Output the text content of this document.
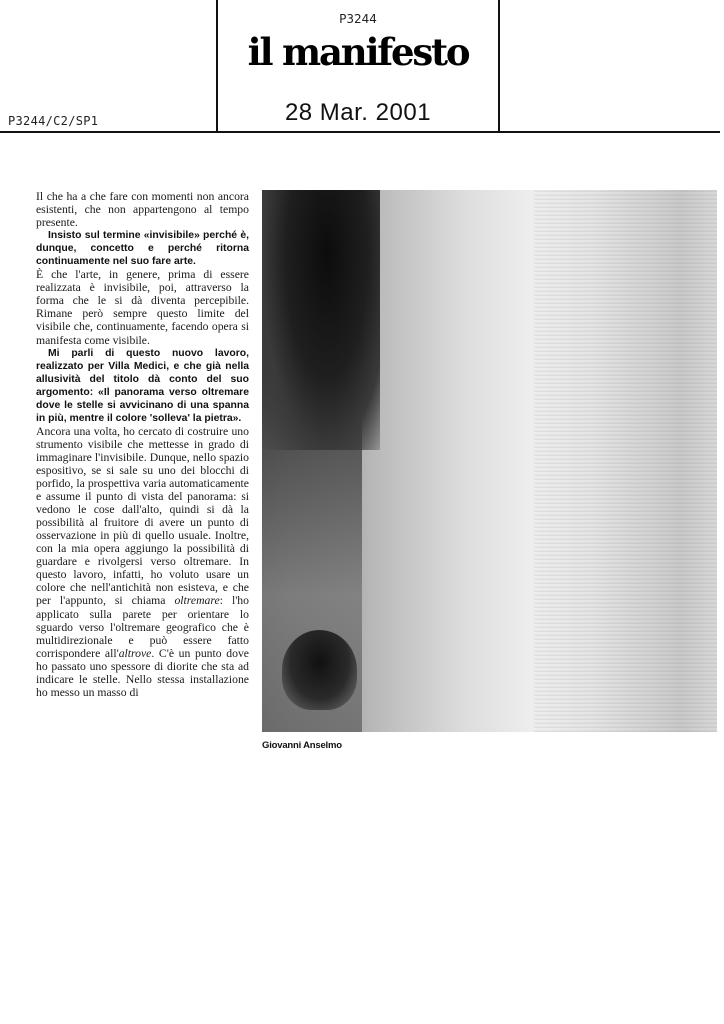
P3244/C2/SP1
P3244
il manifesto
28 Mar. 2001

Il che ha a che fare con momenti non ancora esistenti, che non appartengono al tempo presente.

Insisto sul termine «invisibile» perché è, dunque, concetto e perché ritorna continuamente nel suo fare arte.

È che l'arte, in genere, prima di essere realizzata è invisibile, poi, attraverso la forma che le si dà diventa percepibile. Rimane però sempre questo limite del visibile che, continuamente, facendo opera si manifesta come visibile.

Mi parli di questo nuovo lavoro, realizzato per Villa Medici, e che già nella allusività del titolo dà conto del suo argomento: «Il panorama verso oltremare dove le stelle si avvicinano di una spanna in più, mentre il colore 'solleva' la pietra».

Ancora una volta, ho cercato di costruire uno strumento visibile che mettesse in grado di immaginare l'invisibile. Dunque, nello spazio espositivo, se si sale su uno dei blocchi di porfido, la prospettiva varia automaticamente e assume il punto di vista del panorama: si vedono le cose dall'alto, quindi si dà la possibilità al fruitore di avere un punto di osservazione in più di quello usuale. Inoltre, con la mia opera aggiungo la possibilità di guardare e rivolgersi verso oltremare. In questo lavoro, infatti, ho voluto usare un colore che nell'antichità non esisteva, e che per l'appunto, si chiama oltremare: l'ho applicato sulla parete per orientare lo sguardo verso l'oltremare geografico che è multidirezionale e può essere fatto corrispondere all'altrove. C'è un punto dove ho passato uno spessore di diorite che sta ad indicare le stelle. Nello stessa installazione ho messo un masso di

Giovanni Anselmo
